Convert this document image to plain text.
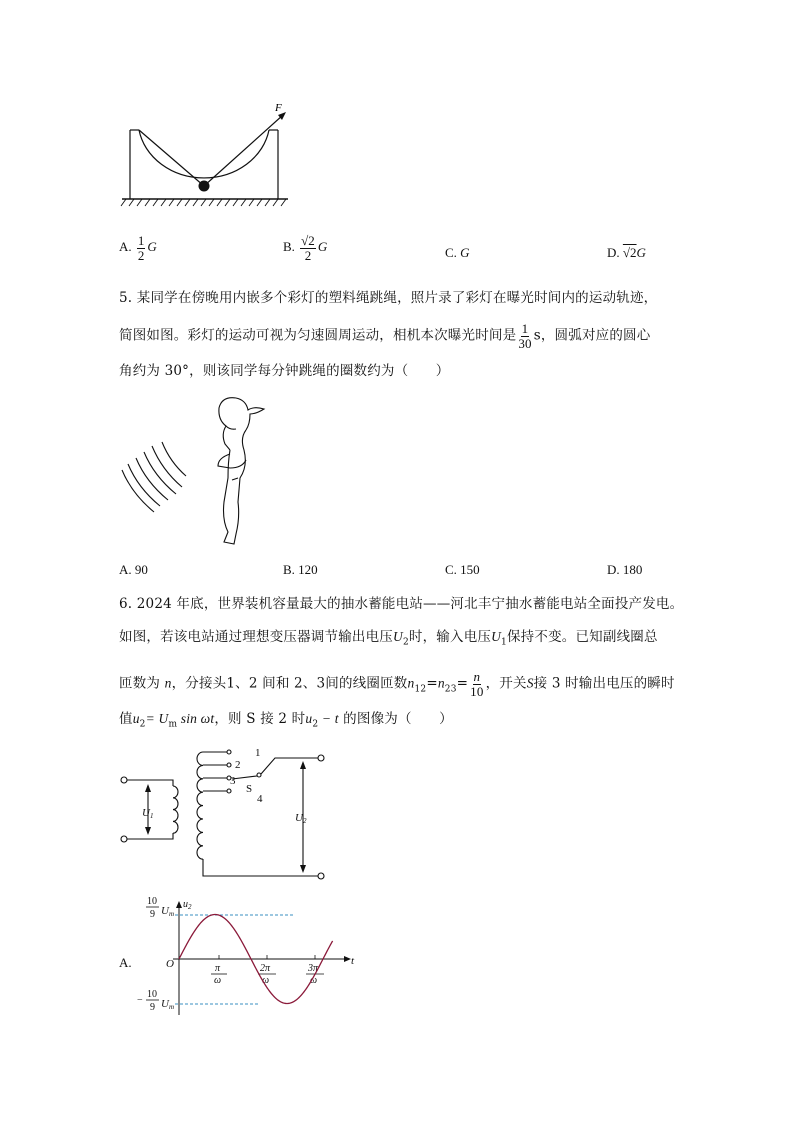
F
A. $\frac{1}{2}$ G	B. $\frac{√2}{2}$ G	C. G	D. √2G
5. 某同学在傍晚用内嵌多个彩灯的塑料绳跳绳，照片录了彩灯在曝光时间内的运动轨迹，
简图如图。彩灯的运动可视为匀速圆周运动，相机本次曝光时间是 $\frac{1}{30}$ s，圆弧对应的圆心
角约为 30°，则该同学每分钟跳绳的圈数约为（　　）
A. 90	B. 120	C. 150	D. 180
6. 2024 年底，世界装机容量最大的抽水蓄能电站——河北丰宁抽水蓄能电站全面投产发电。
如图，若该电站通过理想变压器调节输出电压$U_2$时，输入电压$U_1$保持不变。已知副线圈总
匝数为 n，分接头1、2 间和 2、3间的线圈匝数$n_{12}=n_{23}= \frac{n}{10}$ ，开关S接 3 时输出电压的瞬时
值$u_2= U_m$ sin ωt，则 S 接 2 时$u_2 - t$ 的图像为（　　）
1
2
3
4
S
U1	U2
A.
$u_2$
t
O
10
9 Um
−
10
9 Um
π
ω
2π
ω
3π
ω
